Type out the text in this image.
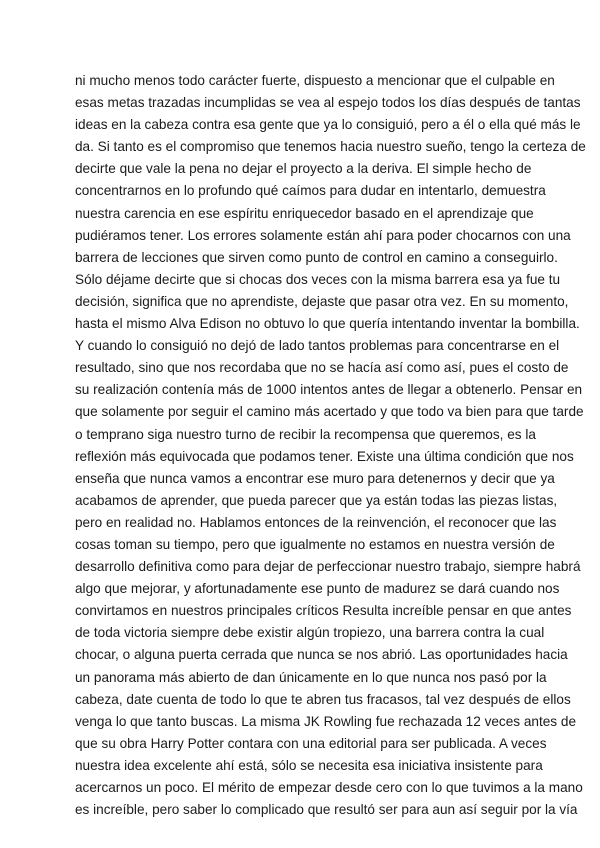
ni mucho menos todo carácter fuerte, dispuesto a mencionar que el culpable en
esas metas trazadas incumplidas se vea al espejo todos los días después de tantas
ideas en la cabeza contra esa gente que ya lo consiguió, pero a él o ella qué más le
da. Si tanto es el compromiso que tenemos hacia nuestro sueño, tengo la certeza de
decirte que vale la pena no dejar el proyecto a la deriva. El simple hecho de
concentrarnos en lo profundo qué caímos para dudar en intentarlo, demuestra
nuestra carencia en ese espíritu enriquecedor basado en el aprendizaje que
pudiéramos tener. Los errores solamente están ahí para poder chocarnos con una
barrera de lecciones que sirven como punto de control en camino a conseguirlo.
Sólo déjame decirte que si chocas dos veces con la misma barrera esa ya fue tu
decisión, significa que no aprendiste, dejaste que pasar otra vez. En su momento,
hasta el mismo Alva Edison no obtuvo lo que quería intentando inventar la bombilla.
Y cuando lo consiguió no dejó de lado tantos problemas para concentrarse en el
resultado, sino que nos recordaba que no se hacía así como así, pues el costo de
su realización contenía más de 1000 intentos antes de llegar a obtenerlo. Pensar en
que solamente por seguir el camino más acertado y que todo va bien para que tarde
o temprano siga nuestro turno de recibir la recompensa que queremos, es la
reflexión más equivocada que podamos tener. Existe una última condición que nos
enseña que nunca vamos a encontrar ese muro para detenernos y decir que ya
acabamos de aprender, que pueda parecer que ya están todas las piezas listas,
pero en realidad no. Hablamos entonces de la reinvención, el reconocer que las
cosas toman su tiempo, pero que igualmente no estamos en nuestra versión de
desarrollo definitiva como para dejar de perfeccionar nuestro trabajo, siempre habrá
algo que mejorar, y afortunadamente ese punto de madurez se dará cuando nos
convirtamos en nuestros principales críticos Resulta increíble pensar en que antes
de toda victoria siempre debe existir algún tropiezo, una barrera contra la cual
chocar, o alguna puerta cerrada que nunca se nos abrió. Las oportunidades hacia
un panorama más abierto de dan únicamente en lo que nunca nos pasó por la
cabeza, date cuenta de todo lo que te abren tus fracasos, tal vez después de ellos
venga lo que tanto buscas. La misma JK Rowling fue rechazada 12 veces antes de
que su obra Harry Potter contara con una editorial para ser publicada. A veces
nuestra idea excelente ahí está, sólo se necesita esa iniciativa insistente para
acercarnos un poco. El mérito de empezar desde cero con lo que tuvimos a la mano
es increíble, pero saber lo complicado que resultó ser para aun así seguir por la vía
